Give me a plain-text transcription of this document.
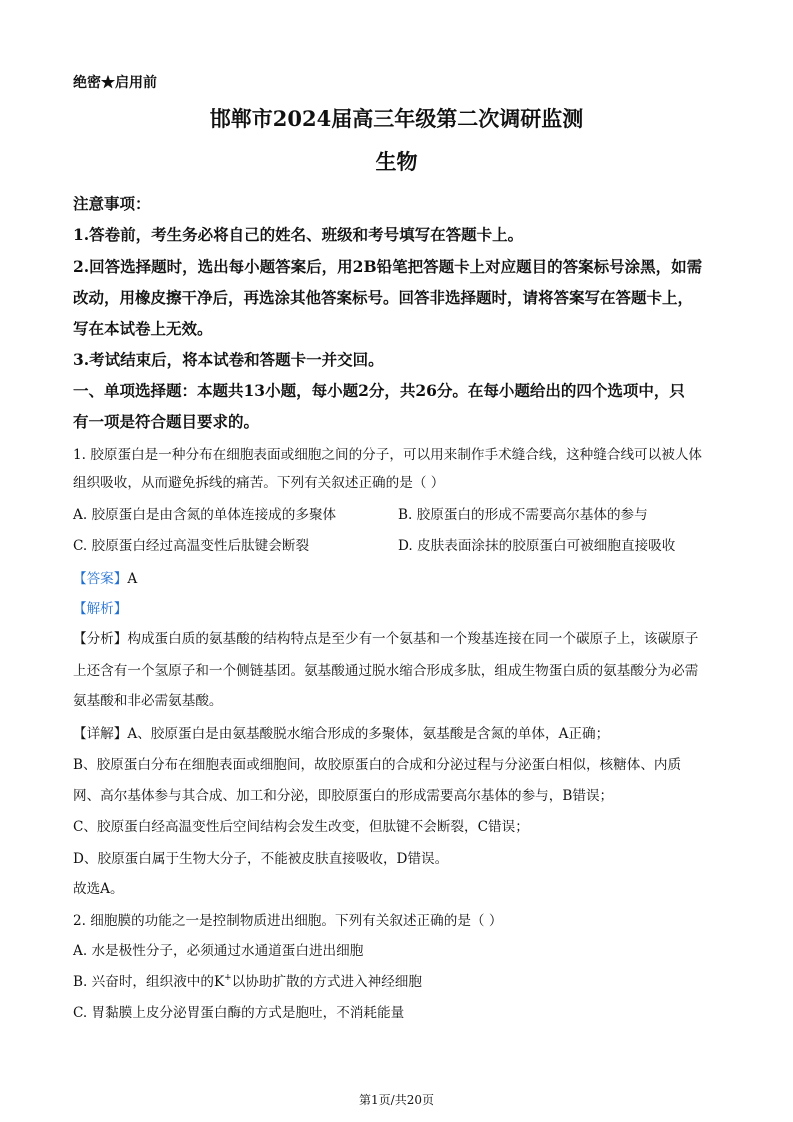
绝密★启用前
邯郸市2024届高三年级第二次调研监测
生物
注意事项：
1.答卷前，考生务必将自己的姓名、班级和考号填写在答题卡上。
2.回答选择题时，选出每小题答案后，用2B铅笔把答题卡上对应题目的答案标号涂黑，如需
改动，用橡皮擦干净后，再选涂其他答案标号。回答非选择题时，请将答案写在答题卡上，
写在本试卷上无效。
3.考试结束后，将本试卷和答题卡一并交回。
一、单项选择题：本题共13小题，每小题2分，共26分。在每小题给出的四个选项中，只
有一项是符合题目要求的。
1. 胶原蛋白是一种分布在细胞表面或细胞之间的分子，可以用来制作手术缝合线，这种缝合线可以被人体
组织吸收，从而避免拆线的痛苦。下列有关叙述正确的是（ ）
A. 胶原蛋白是由含氮的单体连接成的多聚体	B. 胶原蛋白的形成不需要高尔基体的参与
C. 胶原蛋白经过高温变性后肽键会断裂	D. 皮肤表面涂抹的胶原蛋白可被细胞直接吸收
【答案】A
【解析】
【分析】构成蛋白质的氨基酸的结构特点是至少有一个氨基和一个羧基连接在同一个碳原子上，该碳原子
上还含有一个氢原子和一个侧链基团。氨基酸通过脱水缩合形成多肽，组成生物蛋白质的氨基酸分为必需
氨基酸和非必需氨基酸。
【详解】A、胶原蛋白是由氨基酸脱水缩合形成的多聚体，氨基酸是含氮的单体，A正确；
B、胶原蛋白分布在细胞表面或细胞间，故胶原蛋白的合成和分泌过程与分泌蛋白相似，核糖体、内质
网、高尔基体参与其合成、加工和分泌，即胶原蛋白的形成需要高尔基体的参与，B错误；
C、胶原蛋白经高温变性后空间结构会发生改变，但肽键不会断裂，C错误；
D、胶原蛋白属于生物大分子，不能被皮肤直接吸收，D错误。
故选A。
2. 细胞膜的功能之一是控制物质进出细胞。下列有关叙述正确的是（ ）
A. 水是极性分子，必须通过水通道蛋白进出细胞
B. 兴奋时，组织液中的K+以协助扩散的方式进入神经细胞
C. 胃黏膜上皮分泌胃蛋白酶的方式是胞吐，不消耗能量
第1页/共20页
